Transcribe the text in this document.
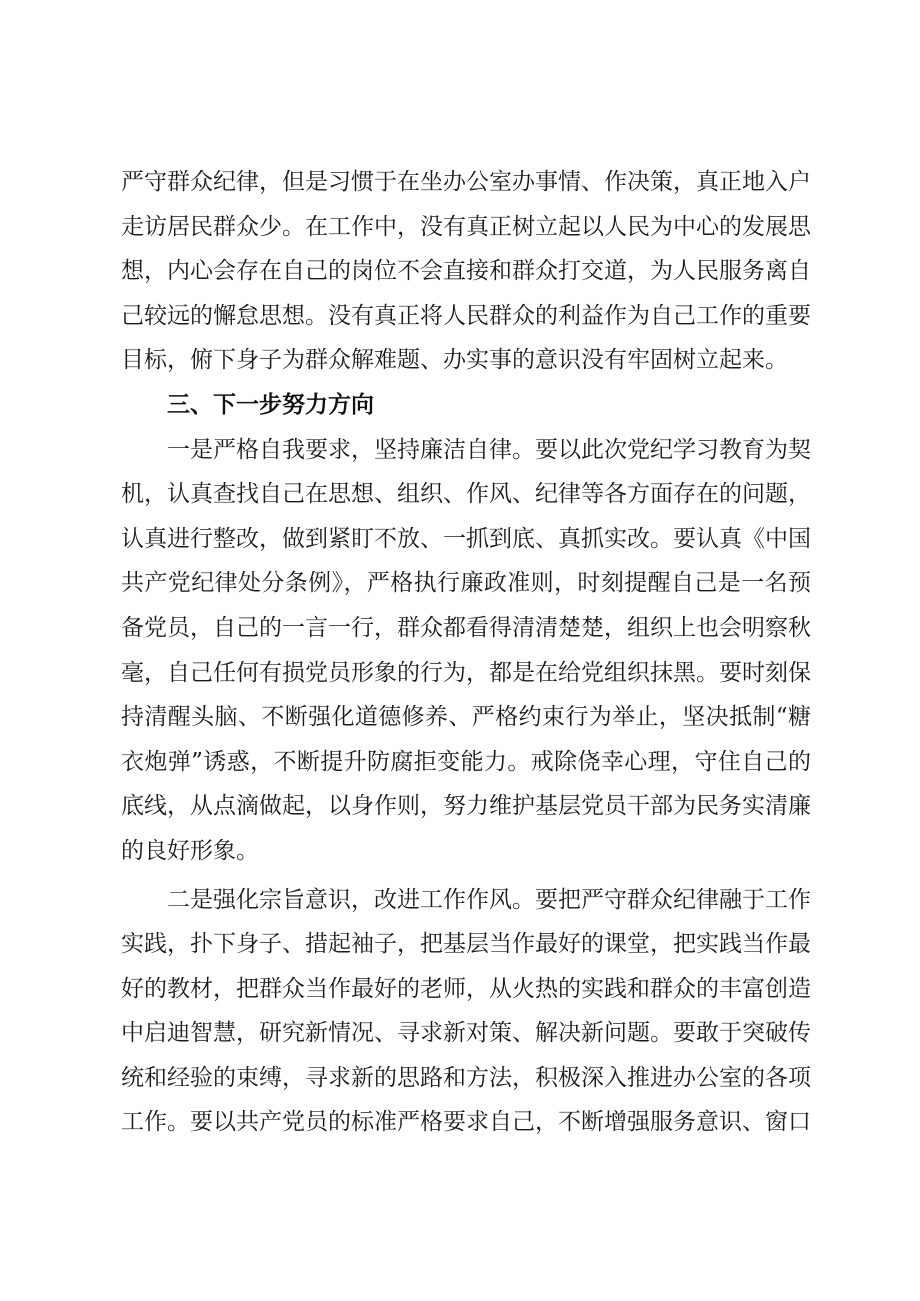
严守群众纪律，但是习惯于在坐办公室办事情、作决策，真正地入户走访居民群众少。在工作中，没有真正树立起以人民为中心的发展思想，内心会存在自己的岗位不会直接和群众打交道，为人民服务离自己较远的懈怠思想。没有真正将人民群众的利益作为自己工作的重要目标，俯下身子为群众解难题、办实事的意识没有牢固树立起来。

三、下一步努力方向

一是严格自我要求，坚持廉洁自律。要以此次党纪学习教育为契机，认真查找自己在思想、组织、作风、纪律等各方面存在的问题，认真进行整改，做到紧盯不放、一抓到底、真抓实改。要认真《中国共产党纪律处分条例》，严格执行廉政准则，时刻提醒自己是一名预备党员，自己的一言一行，群众都看得清清楚楚，组织上也会明察秋毫，自己任何有损党员形象的行为，都是在给党组织抹黑。要时刻保持清醒头脑、不断强化道德修养、严格约束行为举止，坚决抵制“糖衣炮弹”诱惑，不断提升防腐拒变能力。戒除侥幸心理，守住自己的底线，从点滴做起，以身作则，努力维护基层党员干部为民务实清廉的良好形象。

二是强化宗旨意识，改进工作作风。要把严守群众纪律融于工作实践，扑下身子、措起袖子，把基层当作最好的课堂，把实践当作最好的教材，把群众当作最好的老师，从火热的实践和群众的丰富创造中启迪智慧，研究新情况、寻求新对策、解决新问题。要敢于突破传统和经验的束缚，寻求新的思路和方法，积极深入推进办公室的各项工作。要以共产党员的标准严格要求自己，不断增强服务意识、窗口
